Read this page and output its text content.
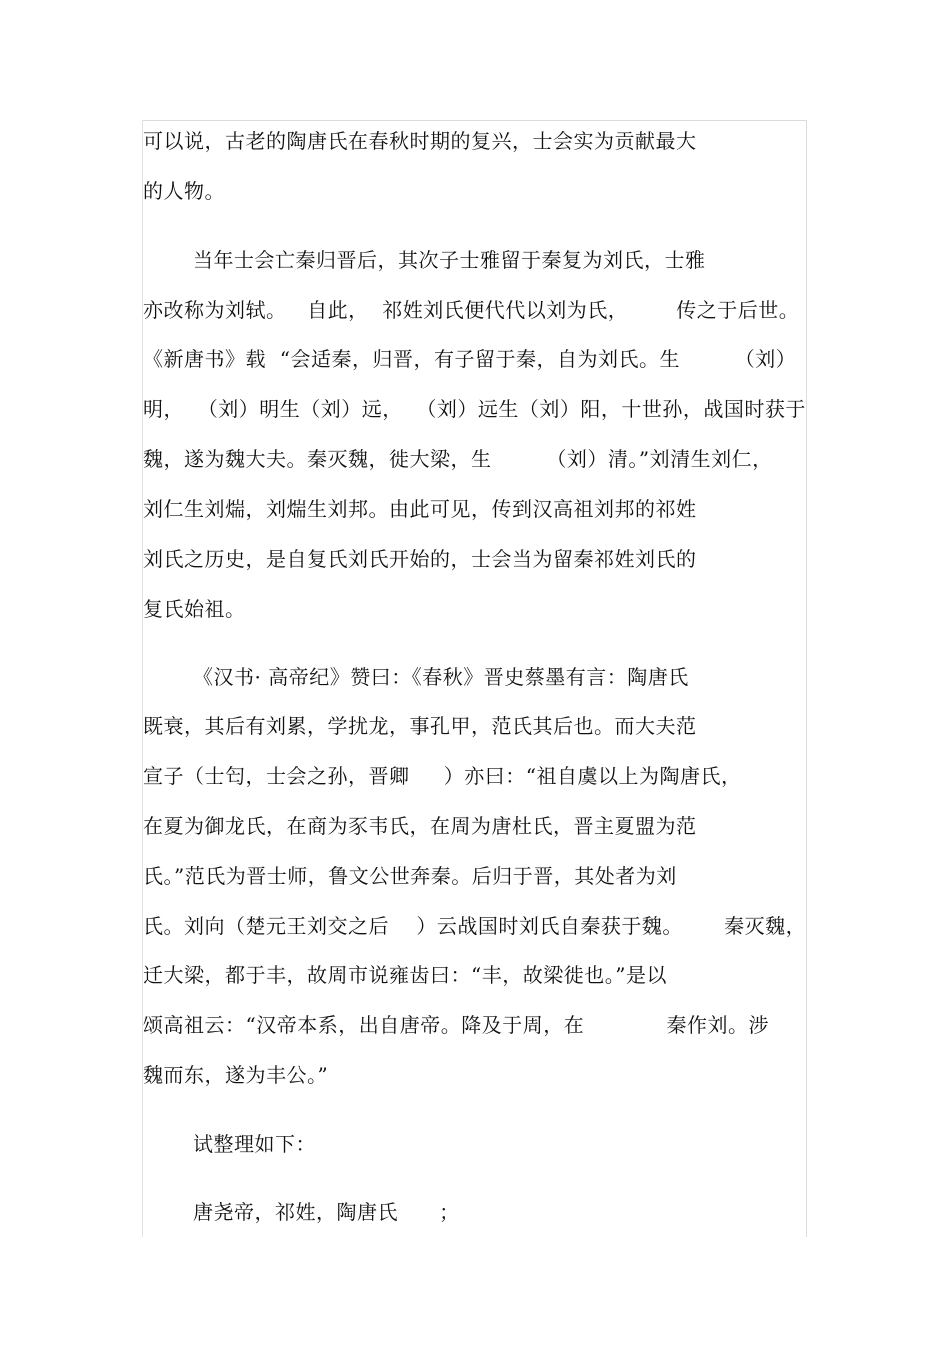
可以说，古老的陶唐氏在春秋时期的复兴，士会实为贡献最大
的人物。
当年士会亡秦归晋后，其次子士雅留于秦复为刘氏，士雅
亦改称为刘轼。   自此，  祁姓刘氏便代代以刘为氏，       传之于后世。
《新唐书》载  “会适秦，归晋，有子留于秦，自为刘氏。生        （刘）
明，  （刘）明生（刘）远，  （刘）远生（刘）阳，十世孙，战国时获于
魏，遂为魏大夫。秦灭魏，徙大梁，生        （刘）清。”刘清生刘仁，
刘仁生刘煓，刘煓生刘邦。由此可见，传到汉高祖刘邦的祁姓
刘氏之历史，是自复氏刘氏开始的，士会当为留秦祁姓刘氏的
复氏始祖。
《汉书· 高帝纪》赞曰：《春秋》晋史蔡墨有言：陶唐氏
既衰，其后有刘累，学扰龙，事孔甲，范氏其后也。而大夫范
宣子（士匄，士会之孙，晋卿     ）亦曰：“祖自虞以上为陶唐氏，
在夏为御龙氏，在商为豕韦氏，在周为唐杜氏，晋主夏盟为范
氏。”范氏为晋士师，鲁文公世奔秦。后归于晋，其处者为刘
氏。刘向（楚元王刘交之后    ）云战国时刘氏自秦获于魏。      秦灭魏，
迁大梁，都于丰，故周市说雍齿曰：“丰，故梁徙也。”是以
颂高祖云：“汉帝本系，出自唐帝。降及于周，在            秦作刘。涉
魏而东，遂为丰公。”
试整理如下：
唐尧帝，祁姓，陶唐氏      ；
